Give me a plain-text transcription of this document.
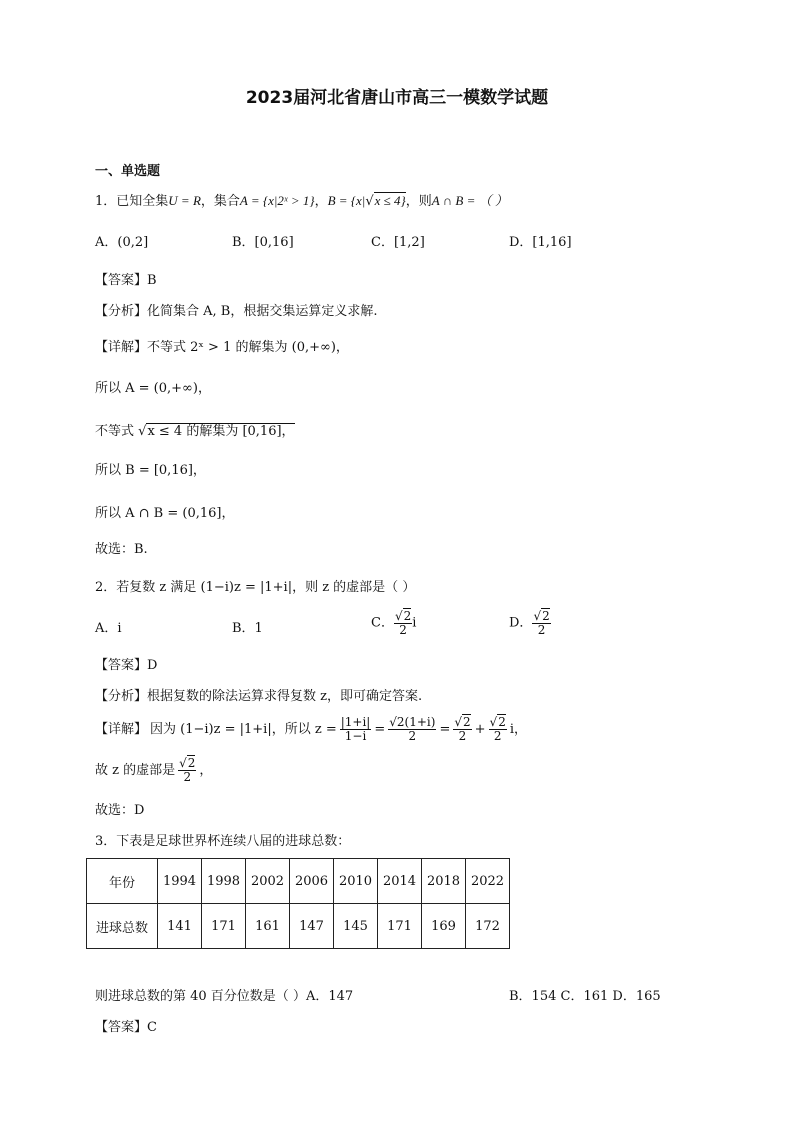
2023届河北省唐山市高三一模数学试题
一、单选题
1．已知全集U = R，集合A = {x|2ˣ > 1}，B = {x|√x ≤ 4}，则A ∩ B = （ ）
A．(0,2]	B．[0,16]	C．[1,2]	D．[1,16]
【答案】B
【分析】化简集合 A, B，根据交集运算定义求解.
【详解】不等式 2ˣ > 1 的解集为 (0,+∞)，
所以 A = (0,+∞)，
不等式 √x ≤ 4 的解集为 [0,16]，
所以 B = [0,16]，
所以 A ∩ B = (0,16]，
故选：B.
2．若复数 z 满足 (1−i)z = |1+i|，则 z 的虚部是（ ）
A．i	B．1	C． $\frac{√2}{2}$ i	D． $\frac{√2}{2}$
【答案】D
【分析】根据复数的除法运算求得复数 z，即可确定答案.
【详解】 因为 (1−i)z = |1+i|，所以 $z = \frac{|1+i|}{1-i} = \frac{√2(1+i)}{2} = \frac{√2}{2} + \frac{√2}{2}$ i，
故 z 的虚部是 $\frac{√2}{2}$ ，
故选：D
3．下表是足球世界杯连续八届的进球总数：
年份	1994	1998	2002	2006	2010	2014	2018	2022
进球总数	141	171	161	147	145	171	169	172
则进球总数的第 40 百分位数是（ ）A．147	B．154 C．161 D．165
【答案】C
